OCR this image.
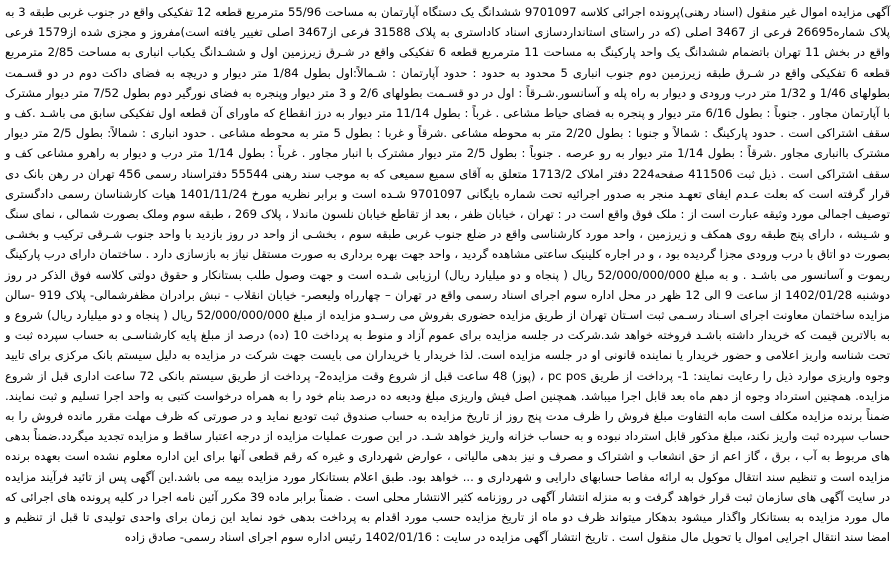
آگهی مزایده اموال غیر منقول (اسناد رهنی)پرونده اجرائی کلاسه 9701097 ششدانگ یک دستگاه آپارتمان به مساحت 55/96 مترمربع قطعه 12 تفکیکی واقع در جنوب غربی طبقه 3 به پلاک شماره26695 فرعی از 3467 اصلی (که در راستای استانداردسازی اسناد کاداستری به پلاک 31588 فرعی از3467 اصلی تغییر یافته است)مفروز و مجزی شده از1579 فرعی واقع در بخش 11 تهران باتضمام ششدانگ یک واحد پارکینگ به مساحت 11 مترمربع قطعه 6 تفکیکی واقع در شـرق زیرزمین اول و ششـدانگ یکباب انباری به مساحت 2/85 مترمربع قطعه 6 تفکیکی واقع در شـرق طبقه زیرزمین دوم جنوب انباری 5 محدود به حدود : حدود آپارتمان : شـمالاً:اول بطول 1/84 متر دیوار و دریچه به فضای داکت دوم در دو قسـمت بطولهای 1/46 و 1/32 متر درب ورودی و دیوار به راه پله و آسانسور.شـرقاً : اول در دو قسـمت بطولهای 2/6 و 3 متر دیوار وپنجره به فضای نورگیر دوم بطول 7/52 متر دیوار مشترک با آپارتمان مجاور . جنوباً : بطول 6/16 متر دیوار و پنجره به فضای حیاط مشاعی . غرباً : بطول 11/14 متر دیوار به درز انقطاع که ماورای آن قطعه اول تفکیکی سابق می باشـد .کف و سقف اشتراکی است . حدود پارکینگ : شمالاً و جنوبا : بطول 2/20 متر به محوطه مشاعی .شرقاً و غربا : بطول 5 متر به محوطه مشاعی . حدود انباری : شمالاً: بطول 2/5 متر دیوار مشترک باانباری مجاور .شرقاً : بطول 1/14 متر دیوار به رو عرصه . جنوباً : بطول 2/5 متر دیوار مشترک با انبار مجاور . غرباً : بطول 1/14 متر درب و دیوار به راهرو مشاعی کف و سقف اشتراکی است . ذیل ثبت 411506 صفحه224 دفتر املاک 1713/2 متعلق به آقای سمیع سمیعی که به موجب سند رهنی 55544 دفترا‌سناد رسمی 456 تهران در رهن بانک دی قرار گرفته است که بعلت عـدم ایفای تعهـد منجر به صدور اجرائیه تحت شماره بایگانی 9701097 شـده است و برابر نظریه مورخ 1401/11/24 هیات کارشناسان رسمی دادگستری توصیف اجمالی مورد وثیقه عبارت است از : ملک فوق واقع است در : تهران ، خیابان ظفر ، بعد از تقاطع خیابان نلسون ماندلا ، پلاک 269 ، طبقه سوم وملک بصورت شمالی ، نمای سنگ و شـیشه ، دارای پنج طبقه روی همکف و زیرزمین ، واحد مورد کارشناسی واقع در ضلع جنوب غربی طبقه سوم ، بخشـی از واحد در روز بازدید با واحد جنوب شـرقی ترکیب و بخشـی بصورت دو اتاق با درب ورودی مجزا گردیده بود ، و در اجاره کلینیک ساعتی مشاهده گردید ، واحد جهت بهره برداری به صورت مستقل نیاز به بازسازی دارد . ساختمان دارای درب پارکینگ ریموت و آسانسور می باشـد . و به مبلغ 52/000/000/000 ریال ( پنجاه و دو میلیارد ریال) ارزیابی شـده است و جهت وصول طلب بستانکار و حقوق دولتی کلاسه فوق الذکر در روز دوشنبه 1402/01/28 از ساعت 9 الی 12 ظهر در محل اداره سوم اجرای اسناد رسمی واقع در تهران – چهارراه ولیعصر- خیابان انقلاب - نبش برادران مظفرشمالی- پلاک 919 -سالن مزایده ساختمان معاونت اجرای اسـناد رسـمی ثبت اسـتان تهران از طریق مزایده حضوری بفروش می رسـدو مزایده از مبلغ 52/000/000/000 ریال ( پنجاه و دو میلیارد ریال) شروع و به بالاترین قیمت که خریدار داشته باشـد فروخته خواهد شد.شرکت در جلسه مزایده برای عموم آزاد و منوط به پرداخت 10 (ده) درصد از مبلغ پایه کارشناسـی به حساب سپرده ثبت و تحت شناسه واریز اعلامی و حضور خریدار یا نماینده قانونی او در جلسه مزایده است. لذا خریدار یا خریداران می بایست جهت شرکت در مزایده به دلیل سیستم بانک مرکزی برای تایید وجوه واریزی موارد ذیل را رعایت نمایند: 1- پرداخت از طریق pc pos ، (پوز) 48 ساعت قبل از شروع وقت مزایده2- پرداخت از طریق سیستم بانکی 72 ساعت اداری قبل از شروع مزایده. همچنین استرداد وجوه از دهم ماه بعد قابل اجرا میباشد. همچنین اصل فیش واریزی مبلغ ودیعه ده درصد بنام خود را به همراه درخواست کتبی به واحد اجرا تسلیم و ثبت نمایند. ضمناً برنده مزایده مکلف است مابه التفاوت مبلغ فروش را ظرف مدت پنج روز از تاریخ مزایده به حساب صندوق ثبت تودیع نماید و در صورتی که ظرف مهلت مقرر مانده فروش را به حساب سپرده ثبت واریز نکند، مبلغ مذکور قابل استرداد نبوده و به حساب خزانه واریز خواهد شـد. در این صورت عملیات مزایده از درجه اعتبار ساقط و مزایده تجدید میگردد.ضمناً بدهی های مربوط به آب ، برق ، گاز اعم از حق انشعاب و اشتراک و مصرف و نیز بدهی مالیاتی ، عوارض شهرداری و غیره که رقم قطعی آنها برای این اداره معلوم نشده است بعهده برنده مزایده است و تنظیم سند انتقال موکول به ارائه مفاصا حسابهای دارایی و شهرداری و ... خواهد بود. طبق اعلام بستانکار مورد مزایده بیمه می باشد.این آگهی پس از تائید فرآیند مزایده در سایت آگهی های سازمان ثبت قرار خواهد گرفت و به منزله انتشار آگهی در روزنامه کثیر الانتشار محلی است . ضمناً برابر ماده 39 مکرر آئین نامه اجرا در کلیه پرونده های اجرائی که مال مورد مزایده به بستانکار واگذار میشود بدهکار میتواند ظرف دو ماه از تاریخ مزایده حسب مورد اقدام به پرداخت بدهی خود نماید این زمان برای واحدی تولیدی تا قبل از تنظیم و امضا سند انتقال اجرایی اموال یا تحویل مال منقول است . تاریخ انتشار آگهی مزایده در سایت : 1402/01/16 رئیس اداره سوم اجرای اسناد رسمی- صادق زاده
